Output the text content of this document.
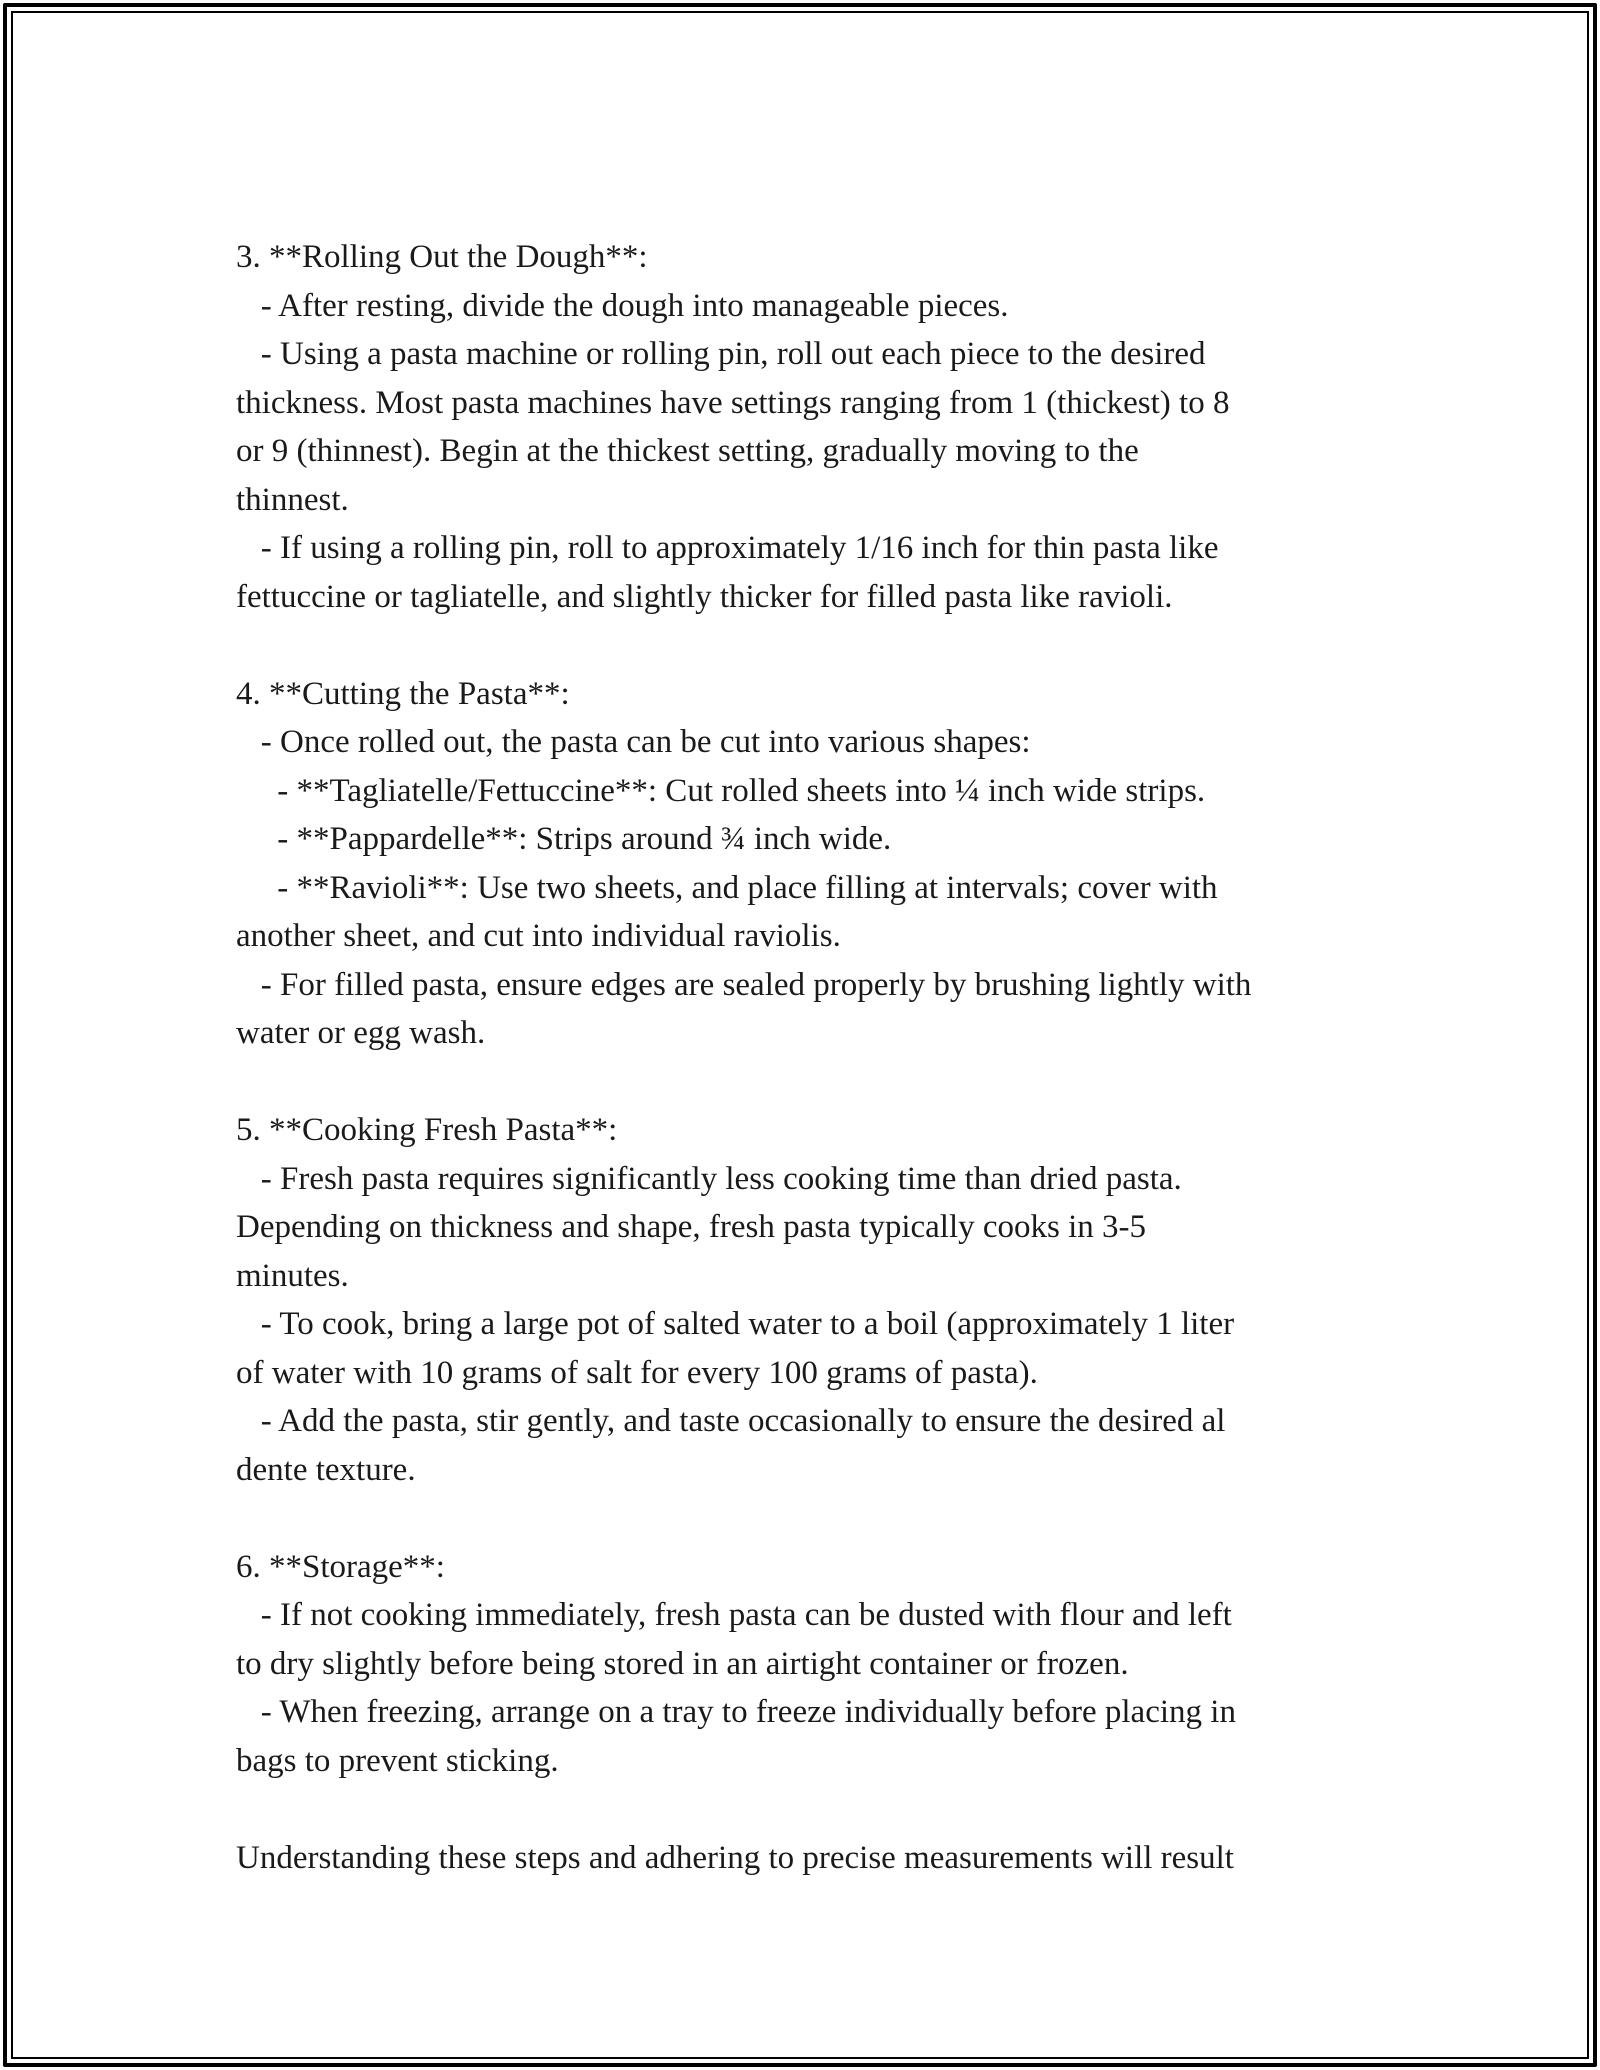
3. **Rolling Out the Dough**:

- After resting, divide the dough into manageable pieces.

- Using a pasta machine or rolling pin, roll out each piece to the desired

thickness. Most pasta machines have settings ranging from 1 (thickest) to 8

or 9 (thinnest). Begin at the thickest setting, gradually moving to the

thinnest.

- If using a rolling pin, roll to approximately 1/16 inch for thin pasta like

fettuccine or tagliatelle, and slightly thicker for filled pasta like ravioli.

4. **Cutting the Pasta**:

- Once rolled out, the pasta can be cut into various shapes:

- **Tagliatelle/Fettuccine**: Cut rolled sheets into ¼ inch wide strips.

- **Pappardelle**: Strips around ¾ inch wide.

- **Ravioli**: Use two sheets, and place filling at intervals; cover with

another sheet, and cut into individual raviolis.

- For filled pasta, ensure edges are sealed properly by brushing lightly with

water or egg wash.

5. **Cooking Fresh Pasta**:

- Fresh pasta requires significantly less cooking time than dried pasta.

Depending on thickness and shape, fresh pasta typically cooks in 3-5

minutes.

- To cook, bring a large pot of salted water to a boil (approximately 1 liter

of water with 10 grams of salt for every 100 grams of pasta).

- Add the pasta, stir gently, and taste occasionally to ensure the desired al

dente texture.

6. **Storage**:

- If not cooking immediately, fresh pasta can be dusted with flour and left

to dry slightly before being stored in an airtight container or frozen.

- When freezing, arrange on a tray to freeze individually before placing in

bags to prevent sticking.

Understanding these steps and adhering to precise measurements will result
